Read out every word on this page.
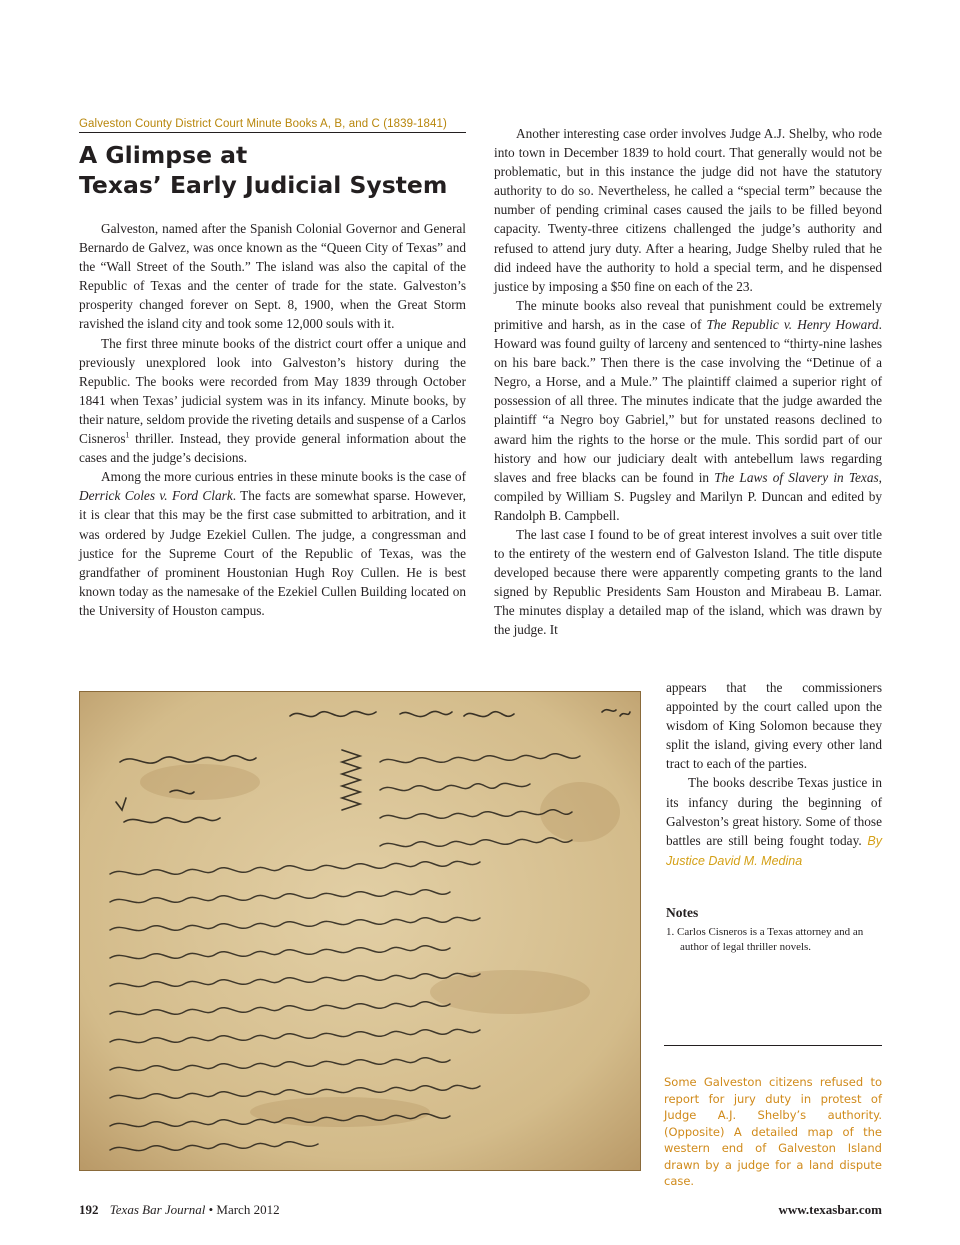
Galveston County District Court Minute Books A, B, and C (1839-1841)
A Glimpse at
Texas’ Early Judicial System

Galveston, named after the Spanish Colonial Governor and General Bernardo de Galvez, was once known as the “Queen City of Texas” and the “Wall Street of the South.” The island was also the capital of the Republic of Texas and the center of trade for the state. Galveston’s prosperity changed forever on Sept. 8, 1900, when the Great Storm ravished the island city and took some 12,000 souls with it.

The first three minute books of the district court offer a unique and previously unexplored look into Galveston’s history during the Republic. The books were recorded from May 1839 through October 1841 when Texas’ judicial system was in its infancy. Minute books, by their nature, seldom provide the riveting details and suspense of a Carlos Cisneros$^1$ thriller. Instead, they provide general information about the cases and the judge’s decisions.

Among the more curious entries in these minute books is the case of Derrick Coles v. Ford Clark. The facts are somewhat sparse. However, it is clear that this may be the first case submitted to arbitration, and it was ordered by Judge Ezekiel Cullen. The judge, a congressman and justice for the Supreme Court of the Republic of Texas, was the grandfather of prominent Houstonian Hugh Roy Cullen. He is best known today as the namesake of the Ezekiel Cullen Building located on the University of Houston campus.

Another interesting case order involves Judge A.J. Shelby, who rode into town in December 1839 to hold court. That generally would not be problematic, but in this instance the judge did not have the statutory authority to do so. Nevertheless, he called a “special term” because the number of pending criminal cases caused the jails to be filled beyond capacity. Twenty-three citizens challenged the judge’s authority and refused to attend jury duty. After a hearing, Judge Shelby ruled that he did indeed have the authority to hold a special term, and he dispensed justice by imposing a $50 fine on each of the 23.

The minute books also reveal that punishment could be extremely primitive and harsh, as in the case of The Republic v. Henry Howard. Howard was found guilty of larceny and sentenced to “thirty-nine lashes on his bare back.” Then there is the case involving the “Detinue of a Negro, a Horse, and a Mule.” The plaintiff claimed a superior right of possession of all three. The minutes indicate that the judge awarded the plaintiff “a Negro boy Gabriel,” but for unstated reasons declined to award him the rights to the horse or the mule. This sordid part of our history and how our judiciary dealt with antebellum laws regarding slaves and free blacks can be found in The Laws of Slavery in Texas, compiled by William S. Pugsley and Marilyn P. Duncan and edited by Randolph B. Campbell.

The last case I found to be of great interest involves a suit over title to the entirety of the western end of Galveston Island. The title dispute developed because there were apparently competing grants to the land signed by Republic Presidents Sam Houston and Mirabeau B. Lamar. The minutes display a detailed map of the island, which was drawn by the judge. It

appears that the commissioners appointed by the court called upon the wisdom of King Solomon because they split the island, giving every other land tract to each of the parties.

The books describe Texas justice in its infancy during the beginning of Galveston’s great history. Some of those battles are still being fought today. By Justice David M. Medina

Notes
1. Carlos Cisneros is a Texas attorney and an author of legal thriller novels.
Some Galveston citizens refused to report for jury duty in protest of Judge A.J. Shelby’s authority. (Opposite) A detailed map of the western end of Galveston Island drawn by a judge for a land dispute case.
192 Texas Bar Journal • March 2012	www.texasbar.com
